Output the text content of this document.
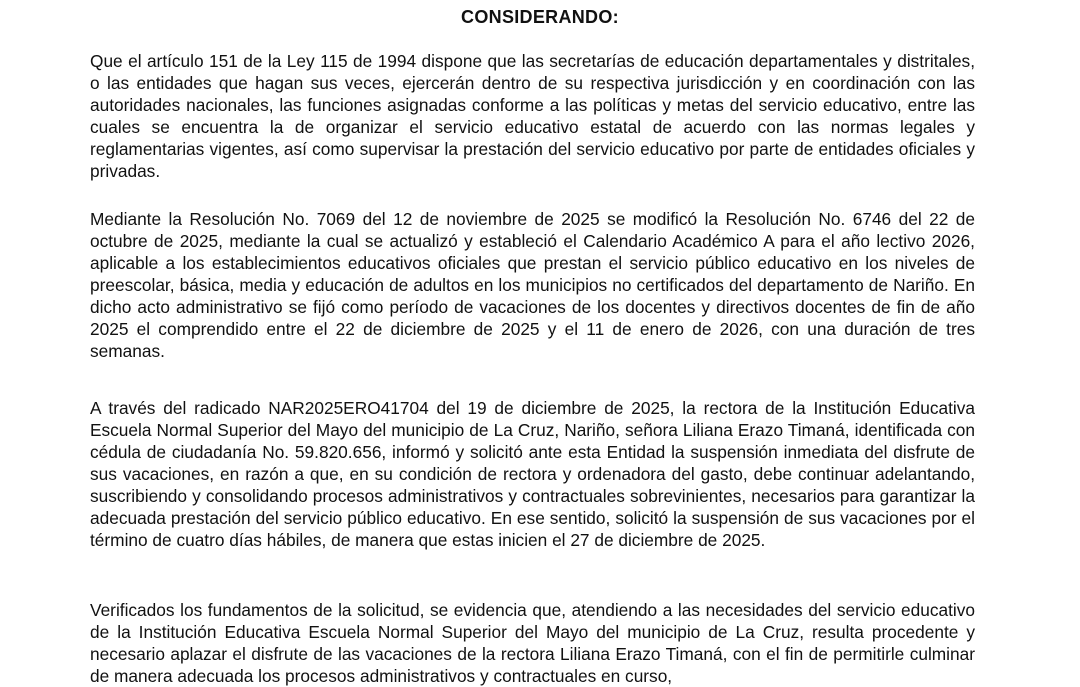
CONSIDERANDO:

Que el artículo 151 de la Ley 115 de 1994 dispone que las secretarías de educación departamentales y distritales, o las entidades que hagan sus veces, ejercerán dentro de su respectiva jurisdicción y en coordinación con las autoridades nacionales, las funciones asignadas conforme a las políticas y metas del servicio educativo, entre las cuales se encuentra la de organizar el servicio educativo estatal de acuerdo con las normas legales y reglamentarias vigentes, así como supervisar la prestación del servicio educativo por parte de entidades oficiales y privadas.

Mediante la Resolución No. 7069 del 12 de noviembre de 2025 se modificó la Resolución No. 6746 del 22 de octubre de 2025, mediante la cual se actualizó y estableció el Calendario Académico A para el año lectivo 2026, aplicable a los establecimientos educativos oficiales que prestan el servicio público educativo en los niveles de preescolar, básica, media y educación de adultos en los municipios no certificados del departamento de Nariño. En dicho acto administrativo se fijó como período de vacaciones de los docentes y directivos docentes de fin de año 2025 el comprendido entre el 22 de diciembre de 2025 y el 11 de enero de 2026, con una duración de tres semanas.

A través del radicado NAR2025ERO41704 del 19 de diciembre de 2025, la rectora de la Institución Educativa Escuela Normal Superior del Mayo del municipio de La Cruz, Nariño, señora Liliana Erazo Timaná, identificada con cédula de ciudadanía No. 59.820.656, informó y solicitó ante esta Entidad la suspensión inmediata del disfrute de sus vacaciones, en razón a que, en su condición de rectora y ordenadora del gasto, debe continuar adelantando, suscribiendo y consolidando procesos administrativos y contractuales sobrevinientes, necesarios para garantizar la adecuada prestación del servicio público educativo. En ese sentido, solicitó la suspensión de sus vacaciones por el término de cuatro días hábiles, de manera que estas inicien el 27 de diciembre de 2025.

Verificados los fundamentos de la solicitud, se evidencia que, atendiendo a las necesidades del servicio educativo de la Institución Educativa Escuela Normal Superior del Mayo del municipio de La Cruz, resulta procedente y necesario aplazar el disfrute de las vacaciones de la rectora Liliana Erazo Timaná, con el fin de permitirle culminar de manera adecuada los procesos administrativos y contractuales en curso,
